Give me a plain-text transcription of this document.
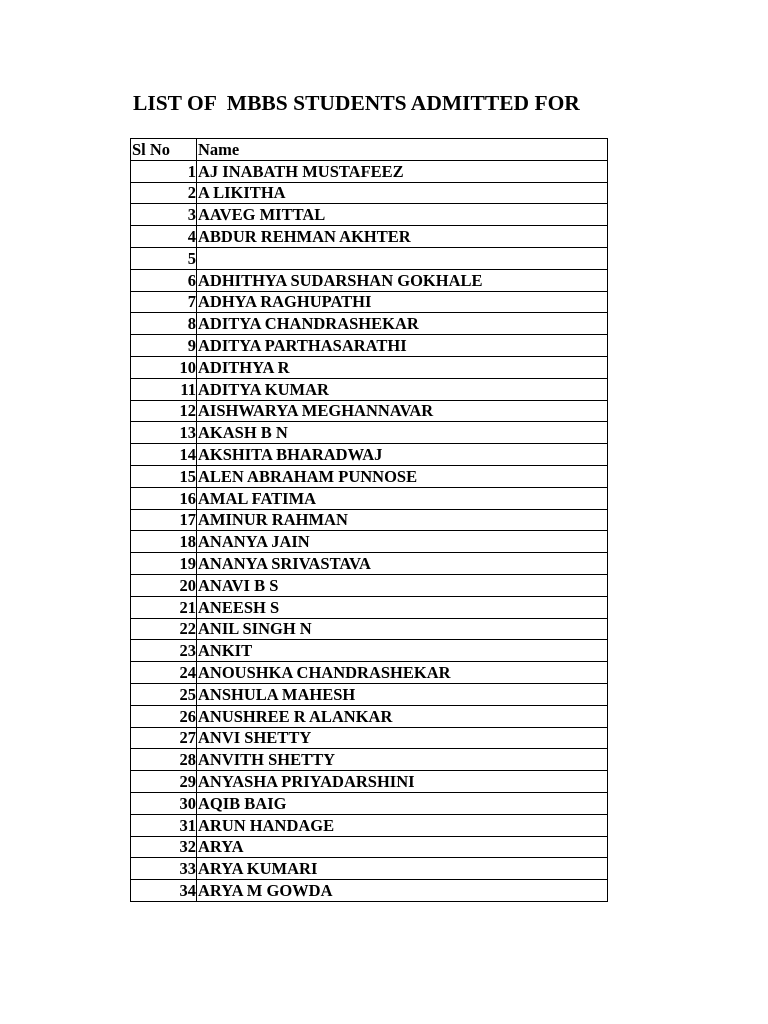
LIST OF  MBBS STUDENTS ADMITTED FOR
Sl No	Name
1	AJ INABATH MUSTAFEEZ
2	A LIKITHA
3	AAVEG MITTAL
4	ABDUR REHMAN AKHTER
5	
6	ADHITHYA SUDARSHAN GOKHALE
7	ADHYA RAGHUPATHI
8	ADITYA CHANDRASHEKAR
9	ADITYA PARTHASARATHI
10	ADITHYA R
11	ADITYA KUMAR
12	AISHWARYA MEGHANNAVAR
13	AKASH B N
14	AKSHITA BHARADWAJ
15	ALEN ABRAHAM PUNNOSE
16	AMAL FATIMA
17	AMINUR RAHMAN
18	ANANYA JAIN
19	ANANYA SRIVASTAVA
20	ANAVI B S
21	ANEESH S
22	ANIL SINGH N
23	ANKIT
24	ANOUSHKA CHANDRASHEKAR
25	ANSHULA MAHESH
26	ANUSHREE R ALANKAR
27	ANVI SHETTY
28	ANVITH SHETTY
29	ANYASHA PRIYADARSHINI
30	AQIB BAIG
31	ARUN HANDAGE
32	ARYA
33	ARYA KUMARI
34	ARYA M GOWDA
